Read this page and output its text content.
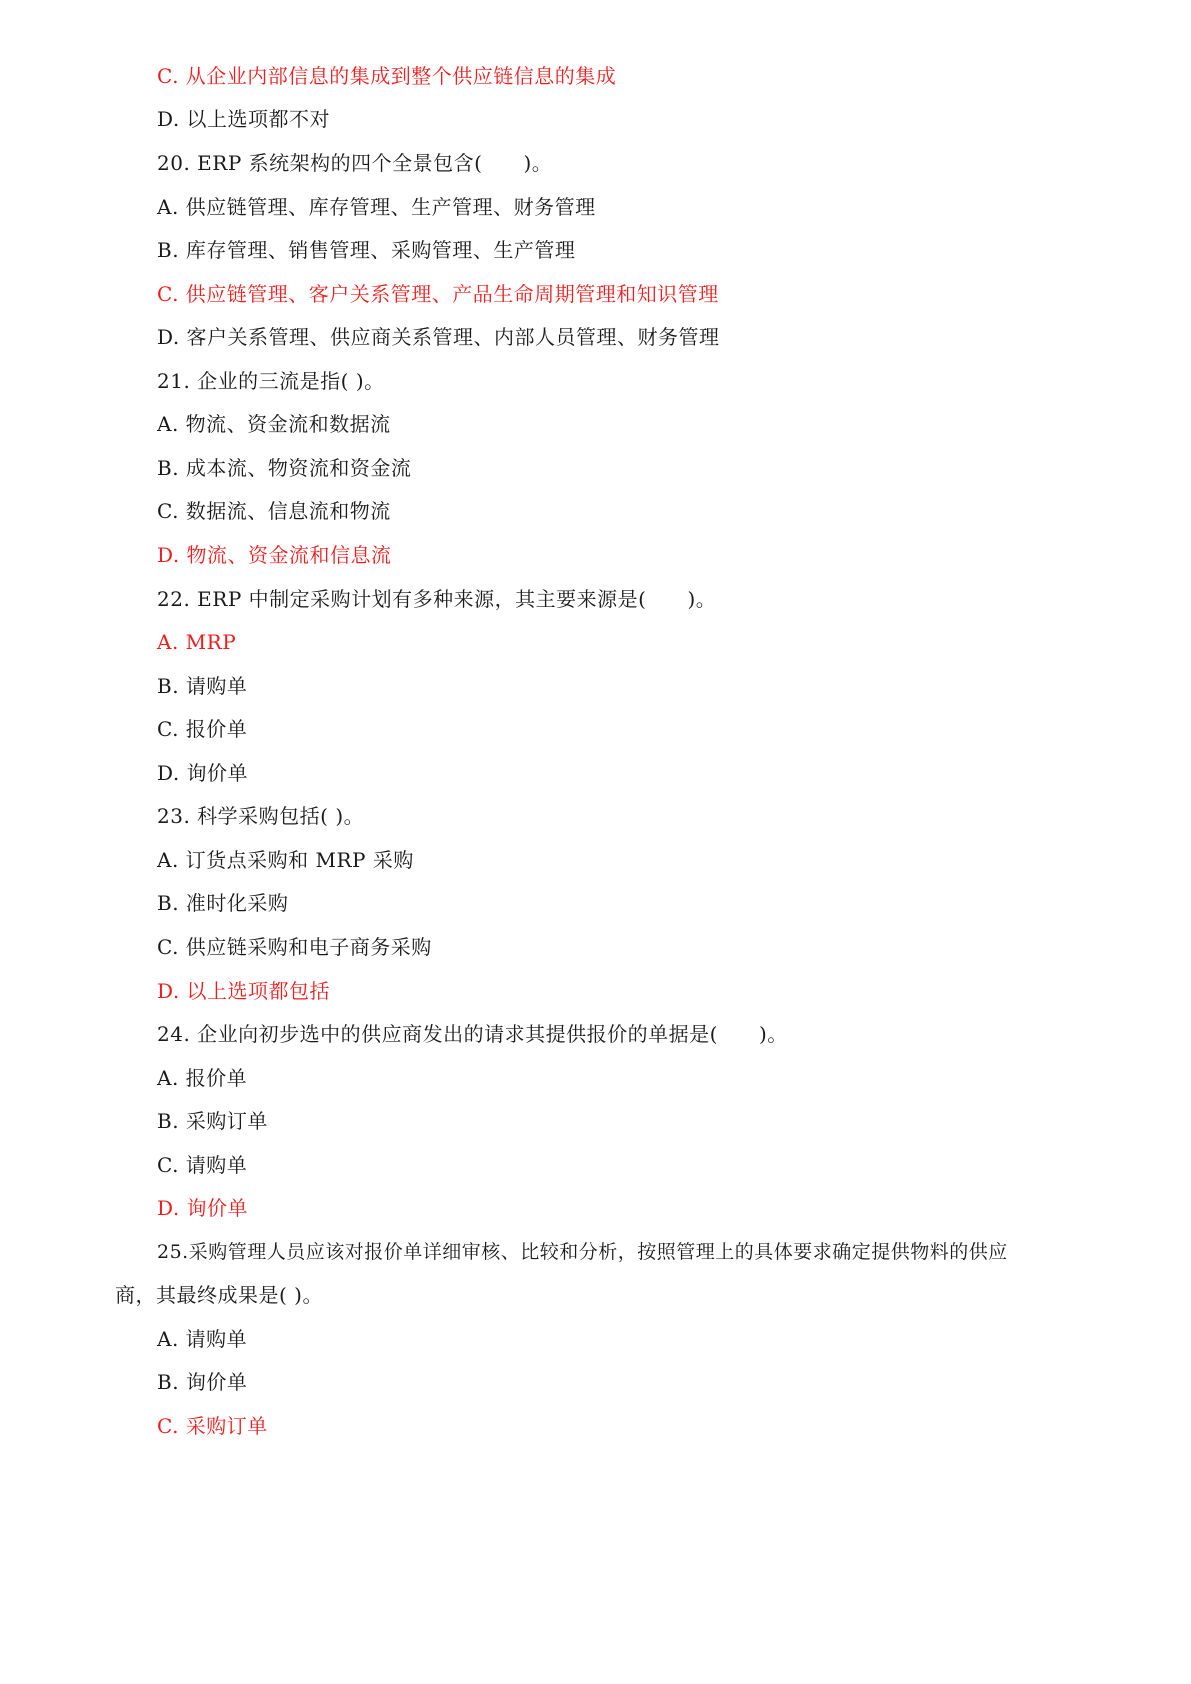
C. 从企业内部信息的集成到整个供应链信息的集成
D. 以上选项都不对
20. ERP 系统架构的四个全景包含(　　)。
A. 供应链管理、库存管理、生产管理、财务管理
B. 库存管理、销售管理、采购管理、生产管理
C. 供应链管理、客户关系管理、产品生命周期管理和知识管理
D. 客户关系管理、供应商关系管理、内部人员管理、财务管理
21. 企业的三流是指( )。
A. 物流、资金流和数据流
B. 成本流、物资流和资金流
C. 数据流、信息流和物流
D. 物流、资金流和信息流
22. ERP 中制定采购计划有多种来源，其主要来源是(　　)。
A. MRP
B. 请购单
C. 报价单
D. 询价单
23. 科学采购包括( )。
A. 订货点采购和 MRP 采购
B. 准时化采购
C. 供应链采购和电子商务采购
D. 以上选项都包括
24. 企业向初步选中的供应商发出的请求其提供报价的单据是(　　)。
A. 报价单
B. 采购订单
C. 请购单
D. 询价单
25.采购管理人员应该对报价单详细审核、比较和分析，按照管理上的具体要求确定提供物料的供应
商，其最终成果是( )。
A. 请购单
B. 询价单
C. 采购订单
